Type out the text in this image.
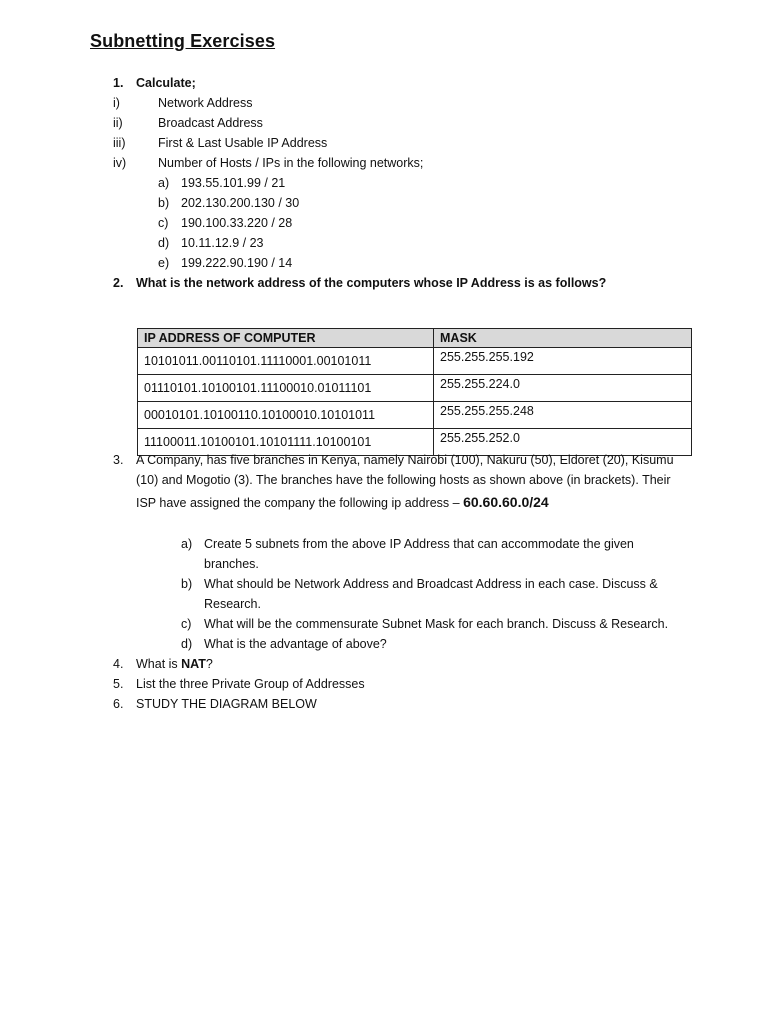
Subnetting Exercises
1. Calculate;
i)	Network Address
ii)	Broadcast Address
iii)	First & Last Usable IP Address
iv)	Number of Hosts / IPs in the following networks;
a) 193.55.101.99 / 21
b) 202.130.200.130 / 30
c) 190.100.33.220 / 28
d) 10.11.12.9 / 23
e) 199.222.90.190 / 14
2. What is the network address of the computers whose IP Address is as follows?
IP ADDRESS OF COMPUTER	MASK
10101011.00110101.11110001.00101011	255.255.255.192
01110101.10100101.11100010.01011101	255.255.224.0
00010101.10100110.10100010.10101011	255.255.255.248
11100011.10100101.10101111.10100101	255.255.252.0
3. A Company, has five branches in Kenya, namely Nairobi (100), Nakuru (50), Eldoret (20), Kisumu
(10) and Mogotio (3). The branches have the following hosts as shown above (in brackets). Their
ISP have assigned the company the following ip address – 60.60.60.0/24
a) Create 5 subnets from the above IP Address that can accommodate the given
branches.
b) What should be Network Address and Broadcast Address in each case. Discuss &
Research.
c) What will be the commensurate Subnet Mask for each branch. Discuss & Research.
d) What is the advantage of above?
4. What is NAT?
5. List the three Private Group of Addresses
6. STUDY THE DIAGRAM BELOW
